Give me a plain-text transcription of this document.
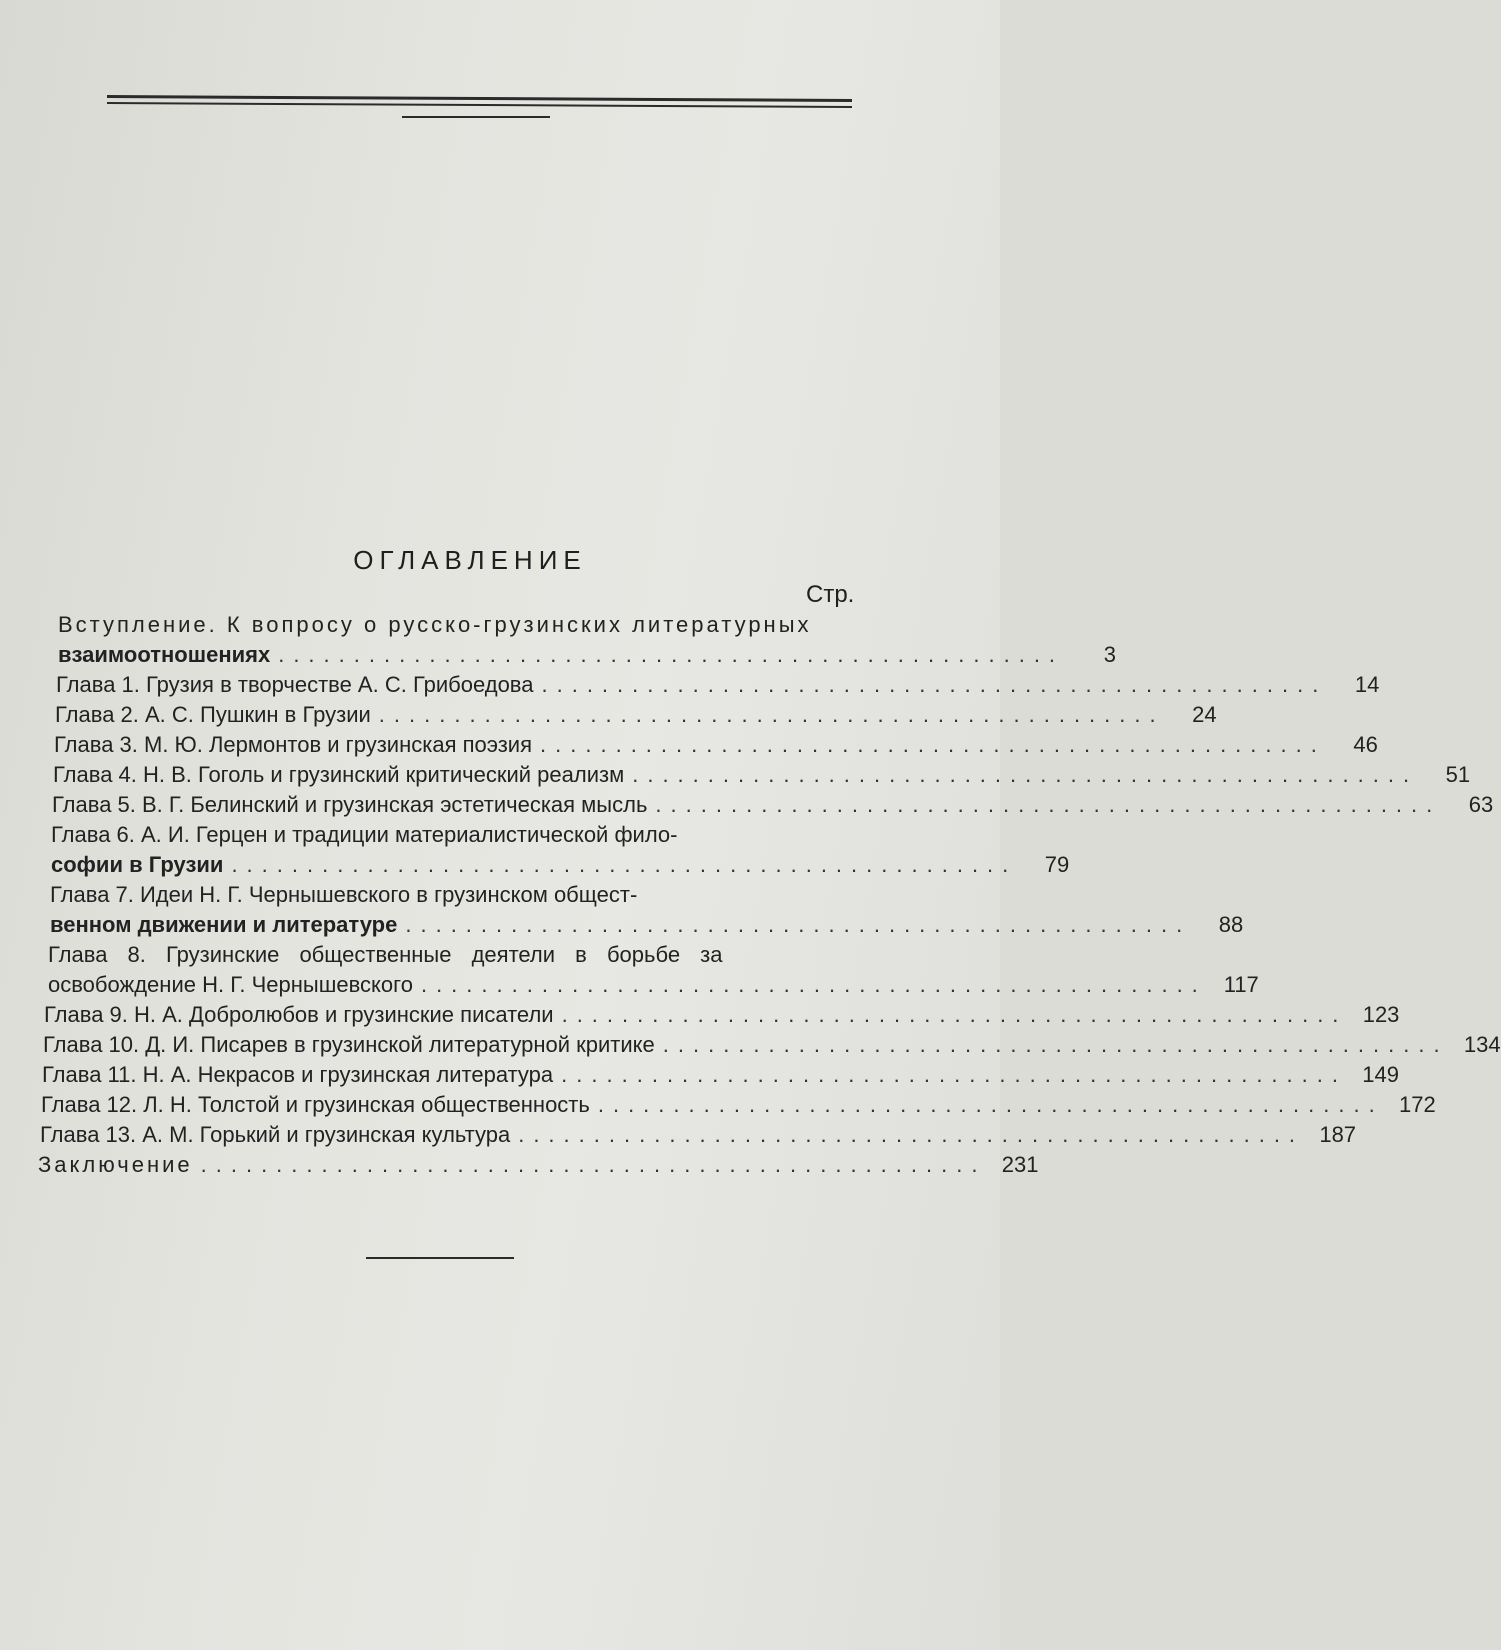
ОГЛАВЛЕНИЕ
Стр.
Вступление. К вопросу о русско-грузинских литературных
взаимоотношениях ....................................................	3
Глава 1. Грузия в творчестве А. С. Грибоедова ....................................................	14
Глава 2. А. С. Пушкин в Грузии ....................................................	24
Глава 3. М. Ю. Лермонтов и грузинская поэзия ....................................................	46
Глава 4. Н. В. Гоголь и грузинский критический реализм ....................................................	51
Глава 5. В. Г. Белинский и грузинская эстетическая мысль ....................................................	63
Глава 6. А. И. Герцен и традиции материалистической фило-
софии в Грузии ....................................................	79
Глава 7. Идеи Н. Г. Чернышевского в грузинском общест-
венном движении и литературе ....................................................	88
Глава 8. Грузинские общественные деятели в борьбе за
освобождение Н. Г. Чернышевского .................................................... 117
Глава 9. Н. А. Добролюбов и грузинские писатели .................................................... 123
Глава 10. Д. И. Писарев в грузинской литературной критике .................................................... 134
Глава 11. Н. А. Некрасов и грузинская литература .................................................... 149
Глава 12. Л. Н. Толстой и грузинская общественность .................................................... 172
Глава 13. А. М. Горький и грузинская культура .................................................... 187
Заключение .................................................... 231
